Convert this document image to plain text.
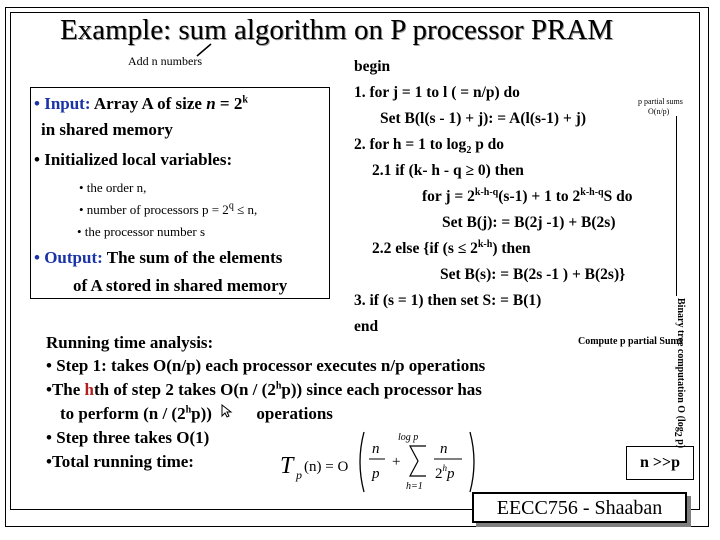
Example: sum algorithm on P processor PRAM
Add n numbers
• Input: Array A of size $n = 2^k$
in shared memory
• Initialized local variables:
• the order n,
• number of processors $p = 2^q \le n$,
• the processor number s
• Output: The sum of the elements
of A stored in shared memory
begin
1. for j = 1 to l ( = n/p) do
Set B(l(s - 1) + j): = A(l(s-1) + j)
2. for h = 1 to $\log_2 p$ do
2.1 if (k- h - q ≥ 0) then
for $j = 2^{k-h-q}(s-1) + 1$ to 2$^{k-h-q}$S do
Set B(j): = B(2j -1) + B(2s)
2.2 else {if $(s \le 2^{k-h})$ then
Set B(s): = B(2s -1 ) + B(2s)}
3. if (s = 1) then set S: = B(1)
end
p partial sums
O(n/p)
Binary tree computation O ($\log_2$ p)
Compute p partial Sums
Running time analysis:
• Step 1: takes O(n/p) each processor executes n/p operations
•The hth of step 2 takes O(n / (2$^h$p)) since each processor has
to perform (n / (2$^h$p))	operations
• Step three takes O(1)
•Total running time:	T p (n) = O
n
p
+
log p
h=1
n
2$^h$p
n >>p
EECC756 - Shaaban
